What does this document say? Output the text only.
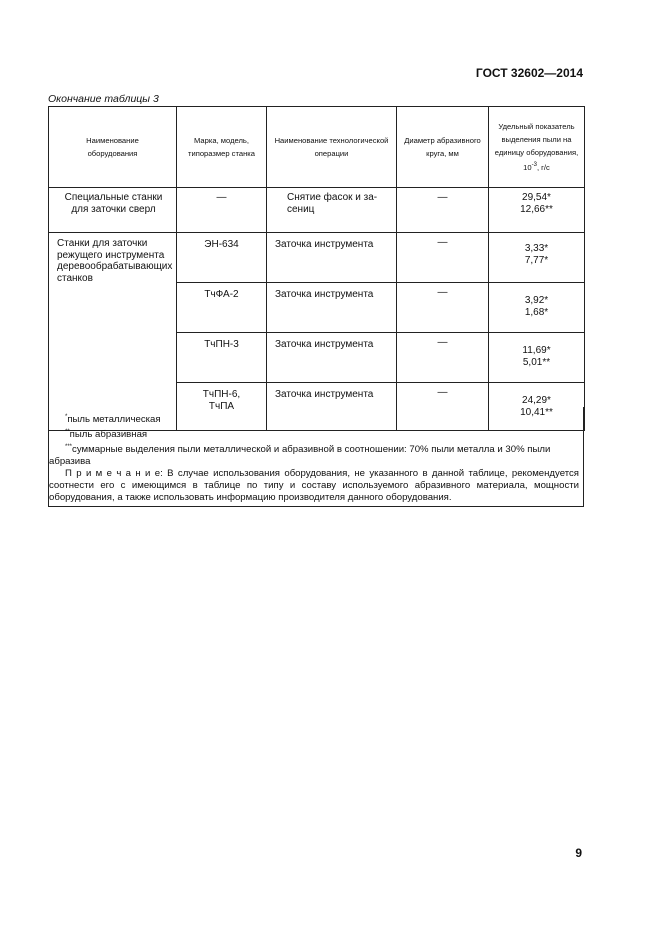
ГОСТ 32602—2014
Окончание таблицы 3
Наименование оборудования	Марка, модель, типоразмер станка	Наименование технологической операции	Диаметр абразивного круга, мм	Удельный показатель выделения пыли на единицу оборудования, $10^{-3}$, г/с
Специальные станки для заточки сверл	—	Снятие фасок и за-сениц	—	29,54*
12,66**

Станки для заточки режущего инструмента деревообрабатывающих станков	ЭН-634	Заточка инструмента	—	3,33*
7,77*

	ТчФА-2	Заточка инструмента	—	3,92*
1,68*

	ТчПН-3	Заточка инструмента	—	11,69*
5,01**

	ТчПН-6, ТчПА	Заточка инструмента	—	24,29*
10,41**

*пыль металлическая

**пыль абразивная

***суммарные выделения пыли металлической и абразивной в соотношении: 70% пыли металла и 30% пыли абразива

П р и м е ч а н и е: В случае использования оборудования, не указанного в данной таблице, рекомендуется соотнести его с имеющимся в таблице по типу и составу используемого абразивного материала, мощности оборудования, а также использовать информацию производителя данного оборудования.

9
